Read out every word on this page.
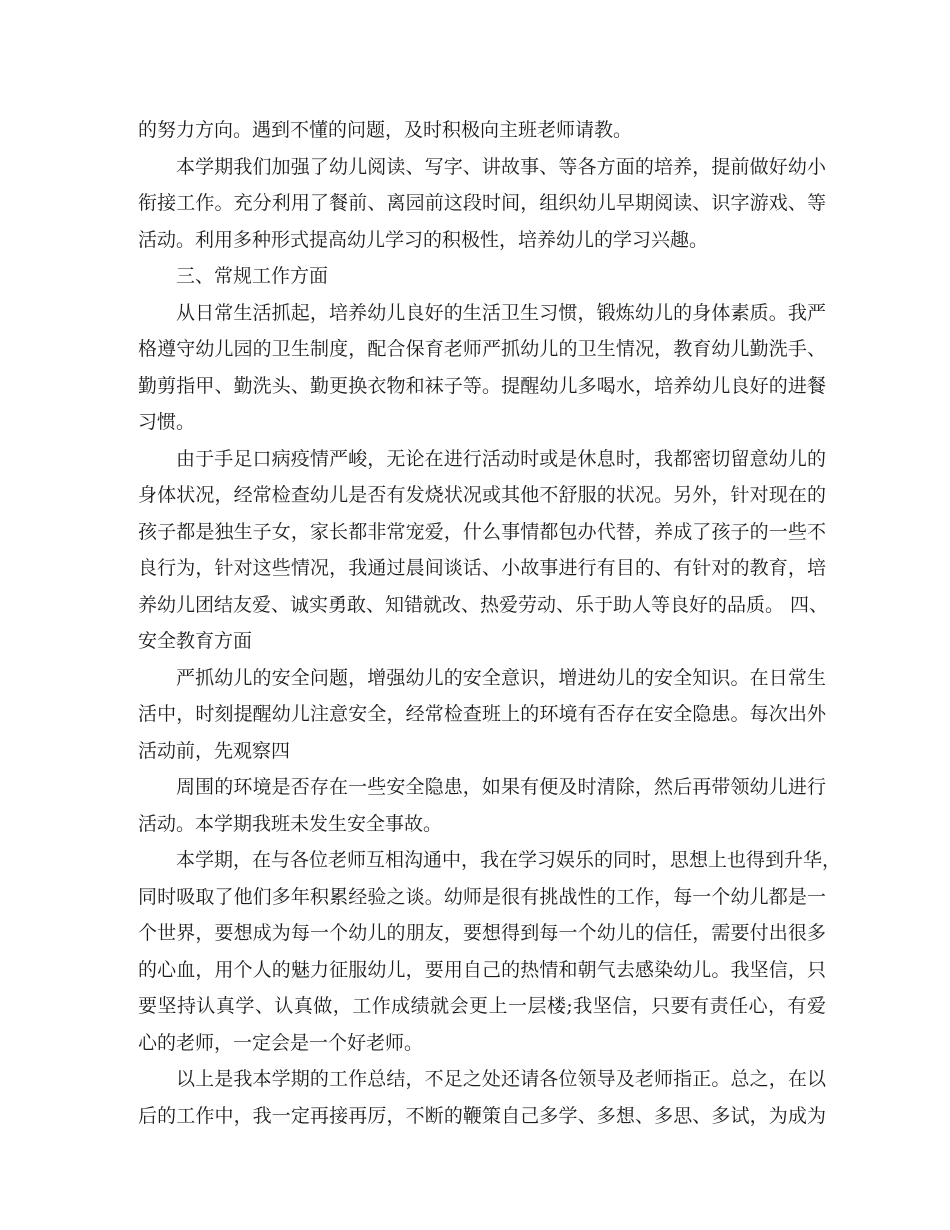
的努力方向。遇到不懂的问题，及时积极向主班老师请教。
本学期我们加强了幼儿阅读、写字、讲故事、等各方面的培养，提前做好幼小
衔接工作。充分利用了餐前、离园前这段时间，组织幼儿早期阅读、识字游戏、等
活动。利用多种形式提高幼儿学习的积极性，培养幼儿的学习兴趣。
三、常规工作方面
从日常生活抓起，培养幼儿良好的生活卫生习惯，锻炼幼儿的身体素质。我严
格遵守幼儿园的卫生制度，配合保育老师严抓幼儿的卫生情况，教育幼儿勤洗手、
勤剪指甲、勤洗头、勤更换衣物和袜子等。提醒幼儿多喝水，培养幼儿良好的进餐
习惯。
由于手足口病疫情严峻，无论在进行活动时或是休息时，我都密切留意幼儿的
身体状况，经常检查幼儿是否有发烧状况或其他不舒服的状况。另外，针对现在的
孩子都是独生子女，家长都非常宠爱，什么事情都包办代替，养成了孩子的一些不
良行为，针对这些情况，我通过晨间谈话、小故事进行有目的、有针对的教育，培
养幼儿团结友爱、诚实勇敢、知错就改、热爱劳动、乐于助人等良好的品质。 四、
安全教育方面
严抓幼儿的安全问题，增强幼儿的安全意识，增进幼儿的安全知识。在日常生
活中，时刻提醒幼儿注意安全，经常检查班上的环境有否存在安全隐患。每次出外
活动前，先观察四
周围的环境是否存在一些安全隐患，如果有便及时清除，然后再带领幼儿进行
活动。本学期我班未发生安全事故。
本学期，在与各位老师互相沟通中，我在学习娱乐的同时，思想上也得到升华，
同时吸取了他们多年积累经验之谈。幼师是很有挑战性的工作，每一个幼儿都是一
个世界，要想成为每一个幼儿的朋友，要想得到每一个幼儿的信任，需要付出很多
的心血，用个人的魅力征服幼儿，要用自己的热情和朝气去感染幼儿。我坚信，只
要坚持认真学、认真做，工作成绩就会更上一层楼;我坚信，只要有责任心，有爱
心的老师，一定会是一个好老师。
以上是我本学期的工作总结，不足之处还请各位领导及老师指正。总之，在以
后的工作中，我一定再接再厉，不断的鞭策自己多学、多想、多思、多试，为成为
